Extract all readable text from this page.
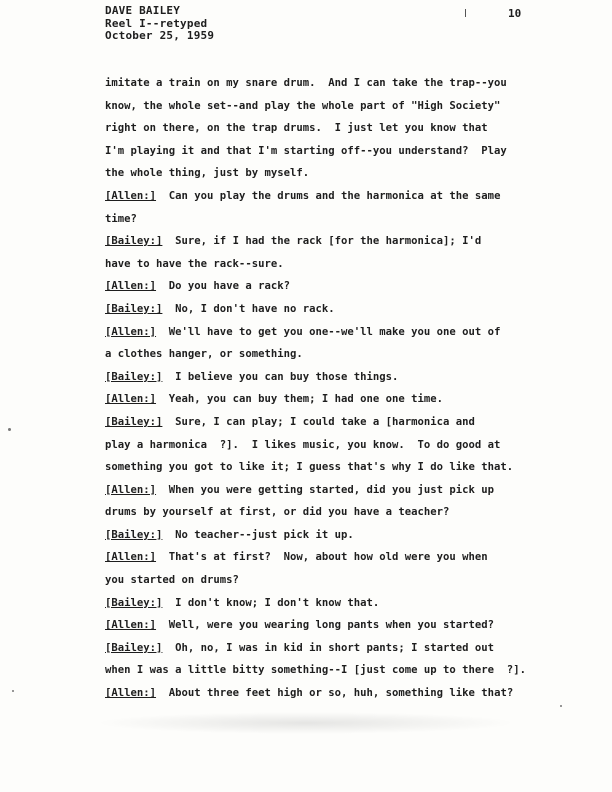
DAVE BAILEY
Reel I--retyped
October 25, 1959
10
imitate a train on my snare drum.  And I can take the trap--you
know, the whole set--and play the whole part of "High Society"
right on there, on the trap drums.  I just let you know that
I'm playing it and that I'm starting off--you understand?  Play
the whole thing, just by myself.
[Allen:]  Can you play the drums and the harmonica at the same
time?
[Bailey:]  Sure, if I had the rack [for the harmonica]; I'd
have to have the rack--sure.
[Allen:]  Do you have a rack?
[Bailey:]  No, I don't have no rack.
[Allen:]  We'll have to get you one--we'll make you one out of
a clothes hanger, or something.
[Bailey:]  I believe you can buy those things.
[Allen:]  Yeah, you can buy them; I had one one time.
[Bailey:]  Sure, I can play; I could take a [harmonica and
play a harmonica  ?].  I likes music, you know.  To do good at
something you got to like it; I guess that's why I do like that.
[Allen:]  When you were getting started, did you just pick up
drums by yourself at first, or did you have a teacher?
[Bailey:]  No teacher--just pick it up.
[Allen:]  That's at first?  Now, about how old were you when
you started on drums?
[Bailey:]  I don't know; I don't know that.
[Allen:]  Well, were you wearing long pants when you started?
[Bailey:]  Oh, no, I was in kid in short pants; I started out
when I was a little bitty something--I [just come up to there  ?].
[Allen:]  About three feet high or so, huh, something like that?
